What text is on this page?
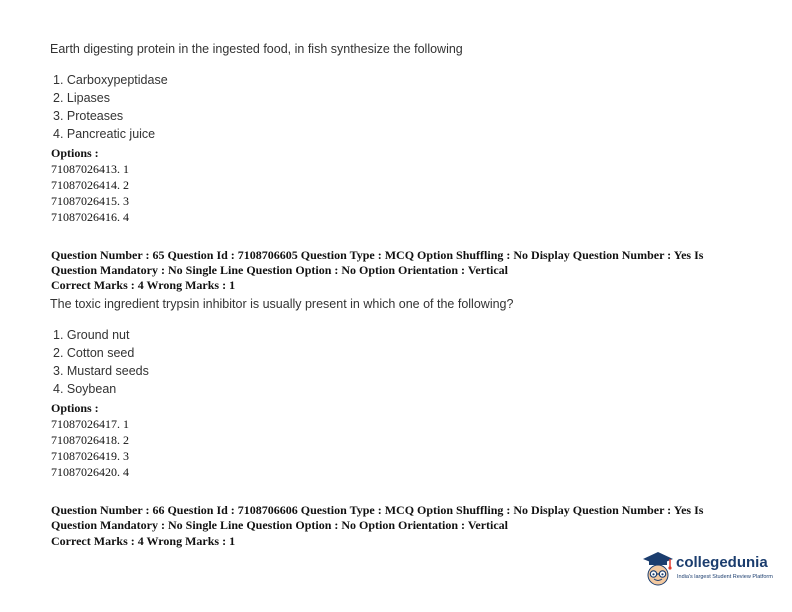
Earth digesting protein in the ingested food, in fish synthesize the following
1. Carboxypeptidase
2. Lipases
3. Proteases
4. Pancreatic juice
Options :
71087026413. 1
71087026414. 2
71087026415. 3
71087026416. 4
Question Number : 65 Question Id : 7108706605 Question Type : MCQ Option Shuffling : No Display Question Number : Yes Is
Question Mandatory : No Single Line Question Option : No Option Orientation : Vertical
Correct Marks : 4 Wrong Marks : 1
The toxic ingredient trypsin inhibitor is usually present in which one of the following?
1. Ground nut
2. Cotton seed
3. Mustard seeds
4. Soybean
Options :
71087026417. 1
71087026418. 2
71087026419. 3
71087026420. 4
Question Number : 66 Question Id : 7108706606 Question Type : MCQ Option Shuffling : No Display Question Number : Yes Is
Question Mandatory : No Single Line Question Option : No Option Orientation : Vertical
Correct Marks : 4 Wrong Marks : 1
collegedunia
India's largest Student Review Platform
